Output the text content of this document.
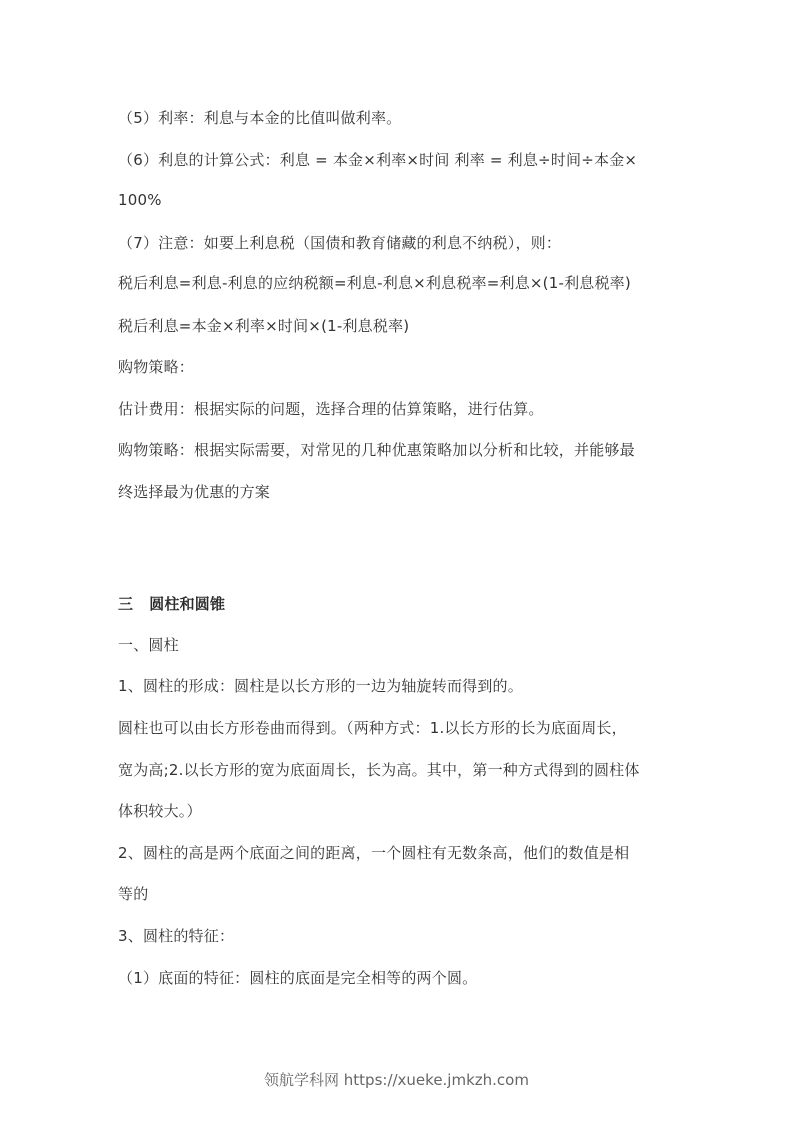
（5）利率：利息与本金的比值叫做利率。
（6）利息的计算公式：利息 = 本金×利率×时间 利率 = 利息÷时间÷本金×
100%
（7）注意：如要上利息税（国债和教育储藏的利息不纳税），则：
税后利息=利息-利息的应纳税额=利息-利息×利息税率=利息×(1-利息税率)
税后利息=本金×利率×时间×(1-利息税率)
购物策略：
估计费用：根据实际的问题，选择合理的估算策略，进行估算。
购物策略：根据实际需要，对常见的几种优惠策略加以分析和比较，并能够最
终选择最为优惠的方案
三 圆柱和圆锥
一、圆柱
1、圆柱的形成：圆柱是以长方形的一边为轴旋转而得到的。
圆柱也可以由长方形卷曲而得到。（两种方式：1.以长方形的长为底面周长，
宽为高;2.以长方形的宽为底面周长，长为高。其中，第一种方式得到的圆柱体
体积较大。）
2、圆柱的高是两个底面之间的距离，一个圆柱有无数条高，他们的数值是相
等的
3、圆柱的特征：
（1）底面的特征：圆柱的底面是完全相等的两个圆。
领航学科网 https://xueke.jmkzh.com
